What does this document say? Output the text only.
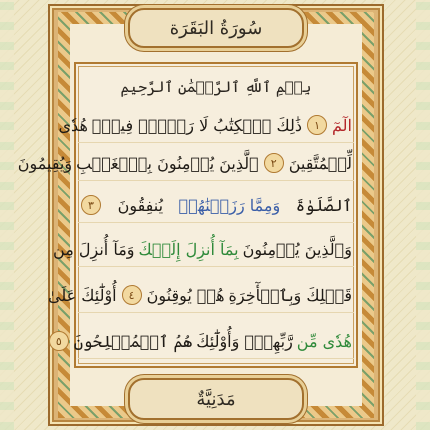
سُورَةُ البَقَرَة
بِسۡمِ ٱللَّهِ ٱلرَّحۡمَٰنِ ٱلرَّحِيمِ
الٓمٓ
١
ذَٰلِكَ ٱلۡكِتَٰبُ لَا رَيۡبَۛ فِيهِۛ
هُدٗى
لِّلۡمُتَّقِينَ
٢
ٱلَّذِينَ يُؤۡمِنُونَ بِٱلۡغَيۡبِ
وَيُقِيمُونَ
ٱلصَّلَوٰةَ
وَمِمَّا رَزَقۡنَٰهُمۡ
يُنفِقُونَ
٣
وَٱلَّذِينَ يُؤۡمِنُونَ
بِمَآ أُنزِلَ إِلَيۡكَ
وَمَآ أُنزِلَ مِن
قَبۡلِكَ وَبِٱلۡأٓخِرَةِ
هُمۡ يُوقِنُونَ
٤
أُوْلَٰٓئِكَ عَلَىٰ
هُدٗى مِّن
رَّبِّهِمۡۖ وَأُوْلَٰٓئِكَ
هُمُ ٱلۡمُفۡلِحُونَ
٥
مَدَنِيَّةٌ
